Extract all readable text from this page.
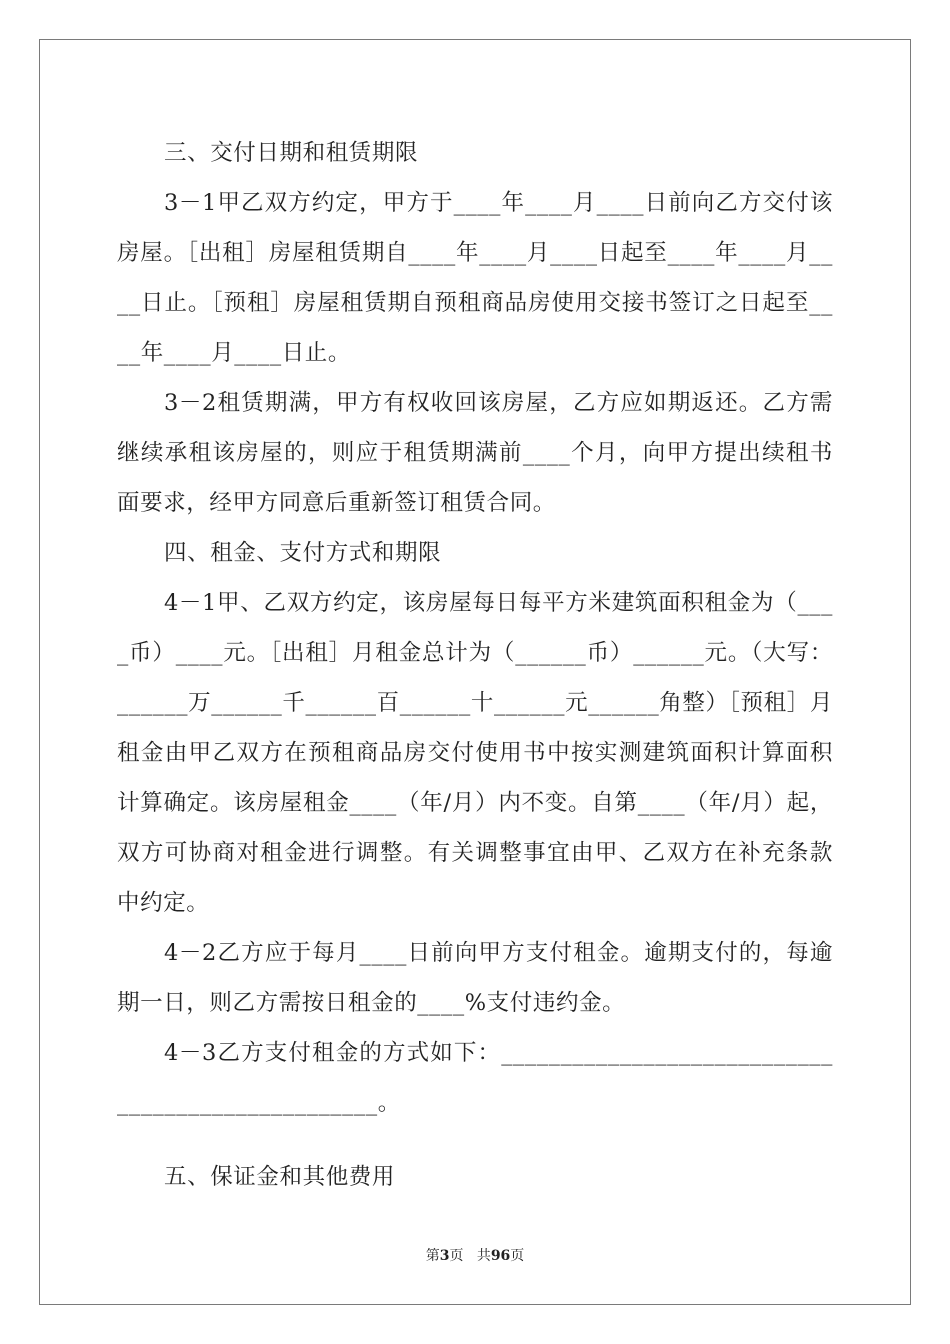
三、交付日期和租赁期限

3－1甲乙双方约定，甲方于____年____月____日前向乙方交付该房屋。［出租］房屋租赁期自____年____月____日起至____年____月____日止。［预租］房屋租赁期自预租商品房使用交接书签订之日起至____年____月____日止。

3－2租赁期满，甲方有权收回该房屋，乙方应如期返还。乙方需继续承租该房屋的，则应于租赁期满前____个月，向甲方提出续租书面要求，经甲方同意后重新签订租赁合同。

四、租金、支付方式和期限

4－1甲、乙双方约定，该房屋每日每平方米建筑面积租金为（____币）____元。［出租］月租金总计为（______币）______元。（大写：______万______千______百______十______元______角整）［预租］月租金由甲乙双方在预租商品房交付使用书中按实测建筑面积计算面积计算确定。该房屋租金____（年/月）内不变。自第____（年/月）起，双方可协商对租金进行调整。有关调整事宜由甲、乙双方在补充条款中约定。

4－2乙方应于每月____日前向甲方支付租金。逾期支付的，每逾期一日，则乙方需按日租金的____%支付违约金。

4－3乙方支付租金的方式如下：__________________________________________________。

五、保证金和其他费用

第3页 共96页
